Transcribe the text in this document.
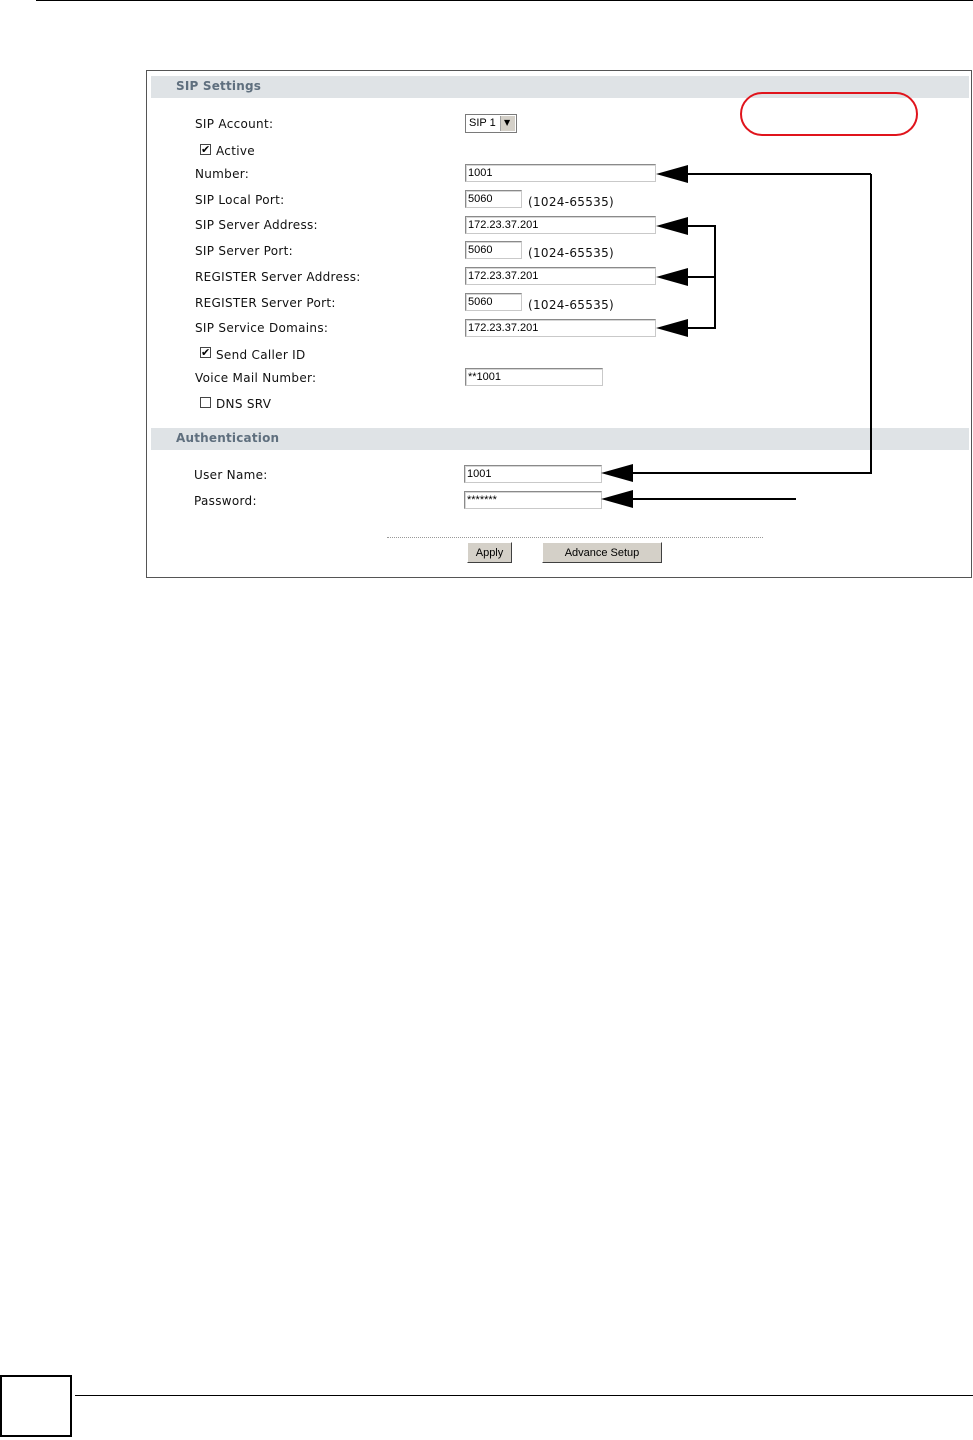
SIP Settings
SIP Account:	SIP 1 ▼
✔ Active
Number:
1001
SIP Local Port:
5060	(1024-65535)
SIP Server Address:
172.23.37.201
SIP Server Port:
5060	(1024-65535)
REGISTER Server Address:
172.23.37.201
REGISTER Server Port:
5060	(1024-65535)
SIP Service Domains:
172.23.37.201
✔ Send Caller ID
Voice Mail Number:
**1001
DNS SRV
Authentication
User Name:
1001
Password:
*******
Apply	Advance Setup
